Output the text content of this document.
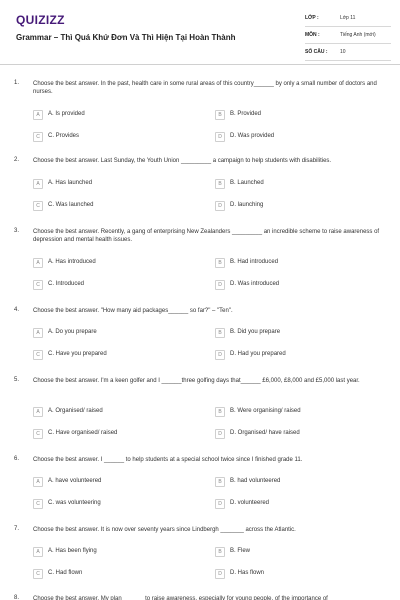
QUIZIZZ
Grammar – Thì Quá Khứ Đơn Và Thì Hiện Tại Hoàn Thành
LỚP :	Lớp 11
MÔN :	Tiếng Anh (mới)
SỐ CÂU :	10
1. Choose the best answer. In the past, health care in some rural areas of this country______ by only a small number of doctors and nurses.
A	A. Is provided	B	B. Provided
C	C. Provides	D	D. Was provided
2. Choose the best answer. Last Sunday, the Youth Union _________ a campaign to help students with disabilities.
A	A. Has launched	B	B. Launched
C	C. Was launched	D	D. launching
3. Choose the best answer. Recently, a gang of enterprising New Zealanders _________ an incredible scheme to raise awareness of depression and mental health issues.
A	A. Has introduced	B	B. Had introduced
C	C. Introduced	D	D. Was introduced
4. Choose the best answer. "How many aid packages______ so far?" – "Ten".
A	A. Do you prepare	B	B. Did you prepare
C	C. Have you prepared	D	D. Had you prepared
5. Choose the best answer. I'm a keen golfer and I ______three golfing days that______ £6,000, £8,000 and £5,000 last year.
A	A. Organised/ raised	B	B. Were organising/ raised
C	C. Have organised/ raised	D	D. Organised/ have raised
6. Choose the best answer. I ______ to help students at a special school twice since I finished grade 11.
A	A. have volunteered	B	B. had volunteered
C	C. was volunteering	D	D. volunteered
7. Choose the best answer. It is now over seventy years since Lindbergh _______ across the Atlantic.
A	A. Has been flying	B	B. Flew
C	C. Had flown	D	D. Has flown
8. Choose the best answer. My plan ______ to raise awareness, especially for young people, of the importance of
